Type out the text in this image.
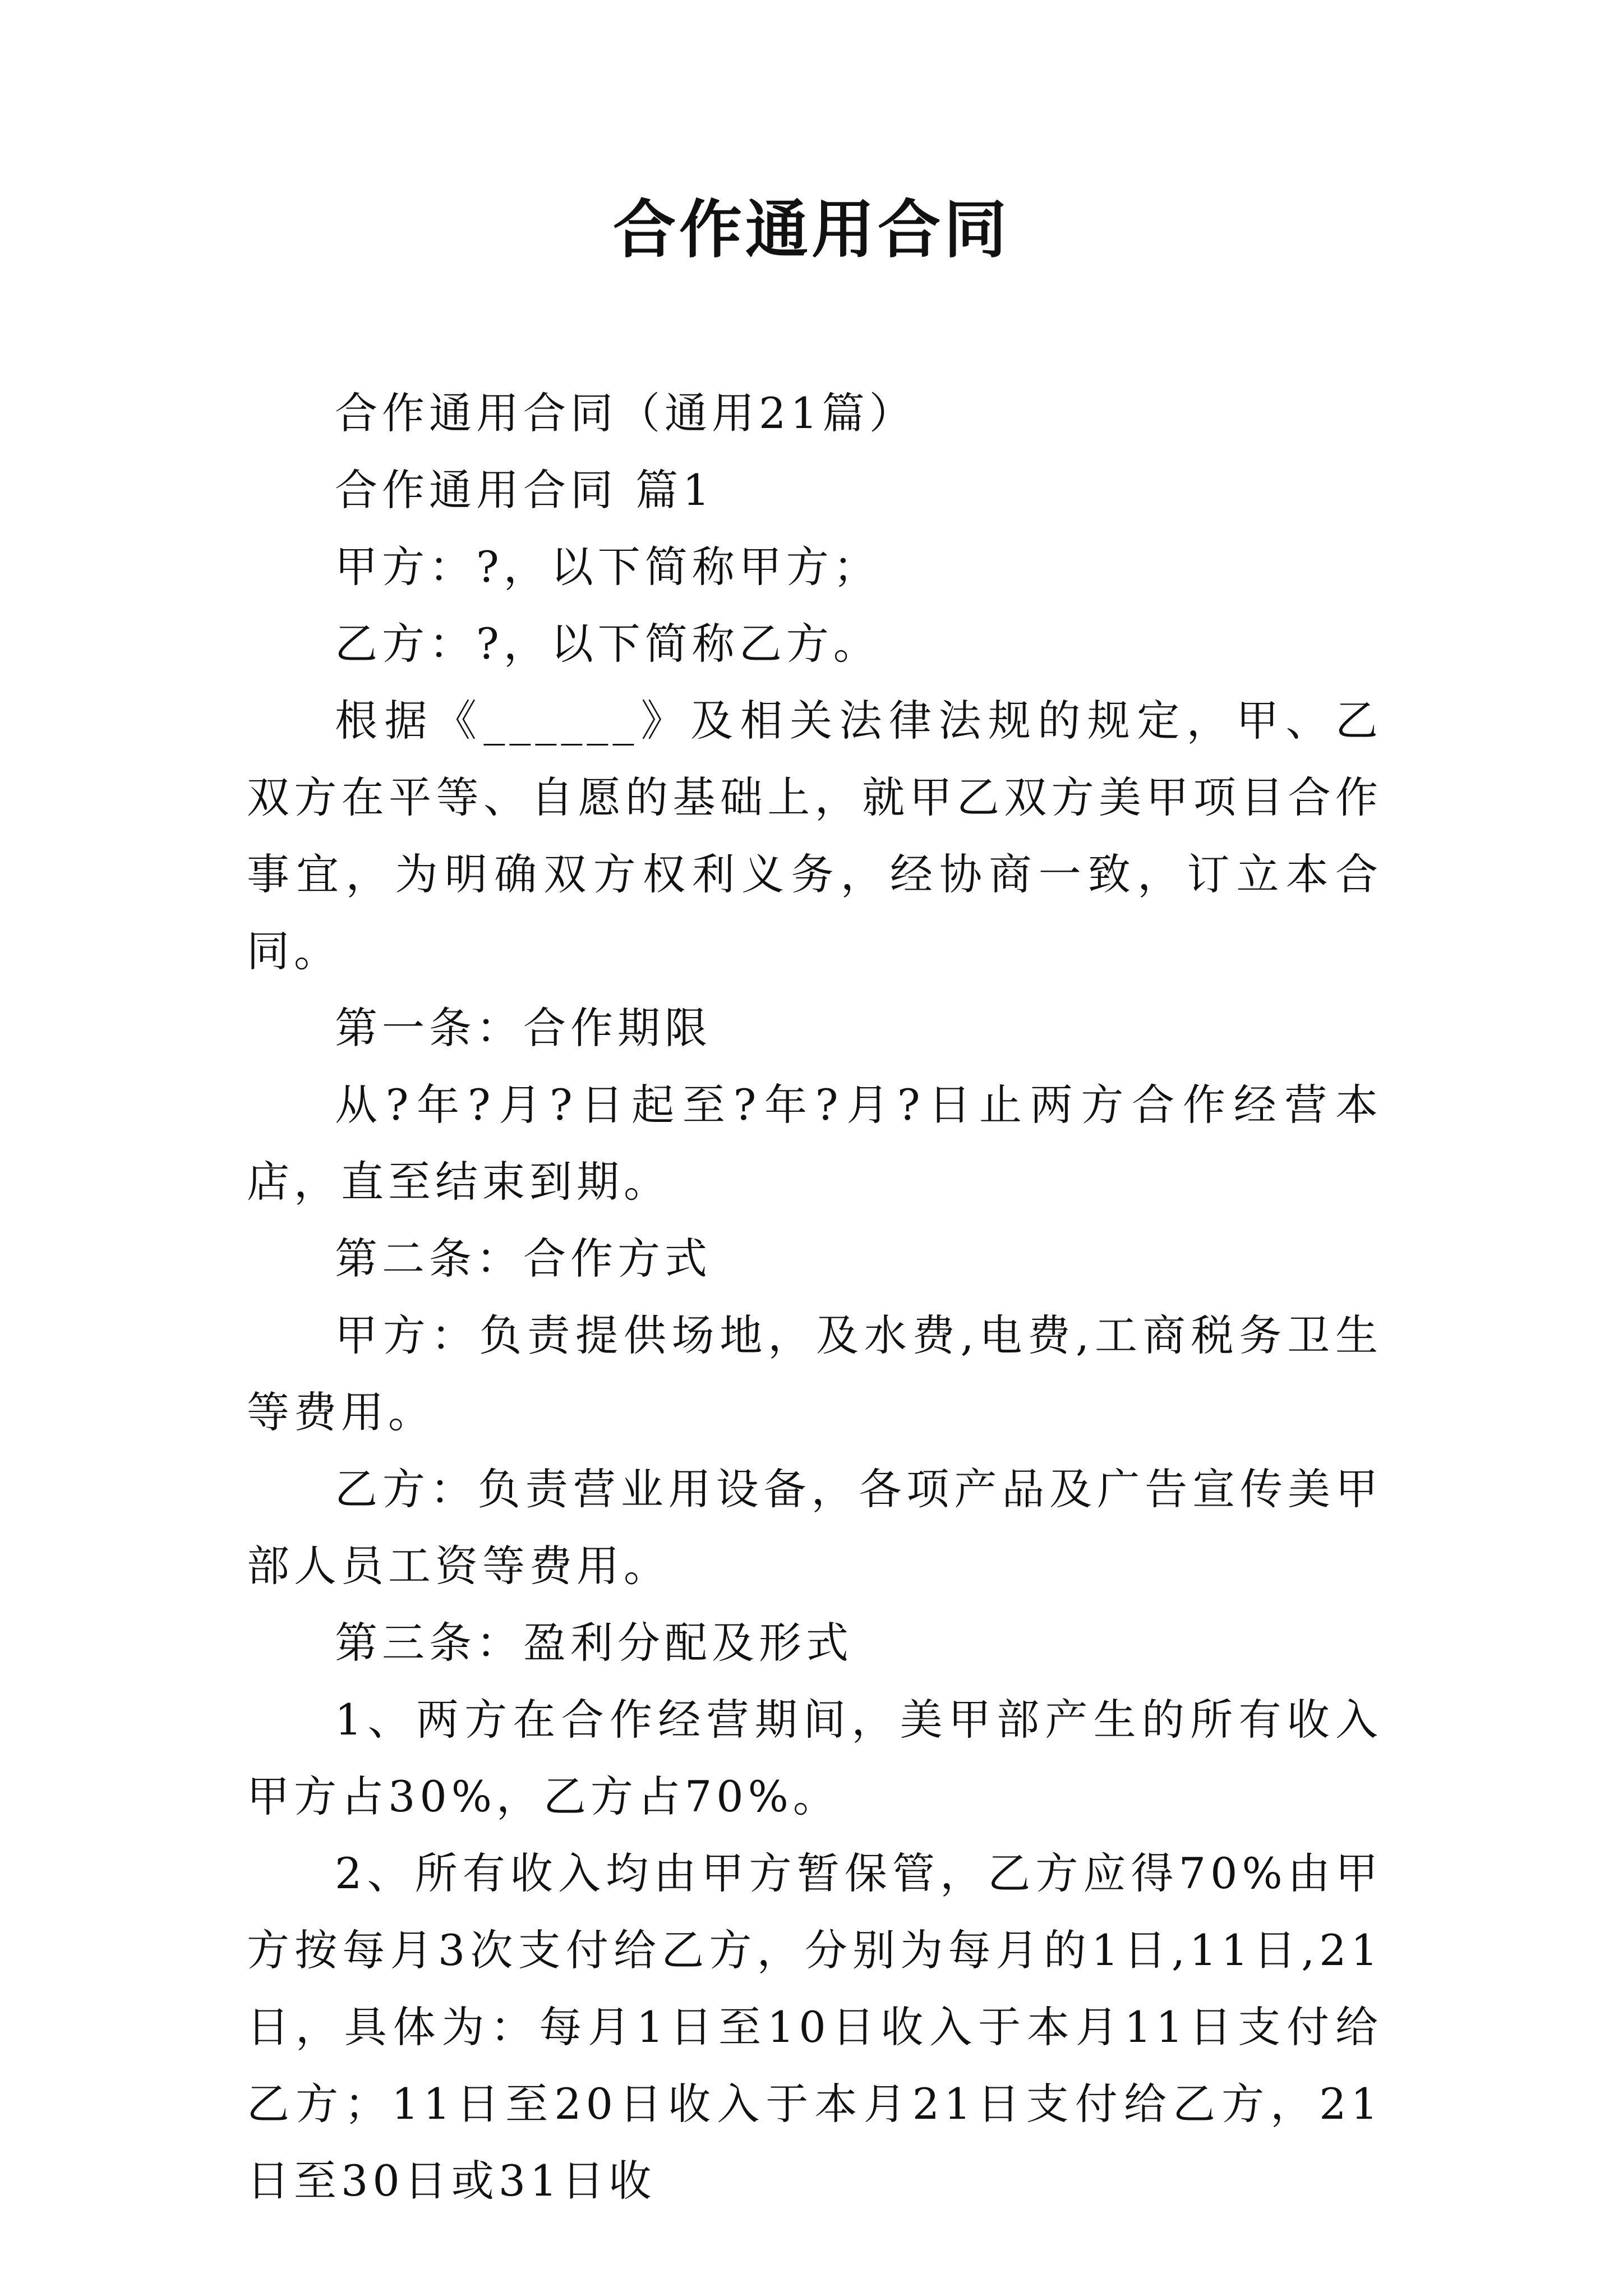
合作通用合同

合作通用合同（通用21篇）

合作通用合同 篇1

甲方：?，以下简称甲方；

乙方：?，以下简称乙方。

根据《______》及相关法律法规的规定，甲、乙双方在平等、自愿的基础上，就甲乙双方美甲项目合作事宜，为明确双方权利义务，经协商一致，订立本合同。

第一条：合作期限

从?年?月?日起至?年?月?日止两方合作经营本店，直至结束到期。

第二条：合作方式

甲方：负责提供场地，及水费,电费,工商税务卫生等费用。

乙方：负责营业用设备，各项产品及广告宣传美甲部人员工资等费用。

第三条：盈利分配及形式

1、两方在合作经营期间，美甲部产生的所有收入甲方占30%，乙方占70%。

2、所有收入均由甲方暂保管，乙方应得70%由甲方按每月3次支付给乙方，分别为每月的1日,11日,21日，具体为：每月1日至10日收入于本月11日支付给乙方；11日至20日收入于本月21日支付给乙方，21日至30日或31日收
